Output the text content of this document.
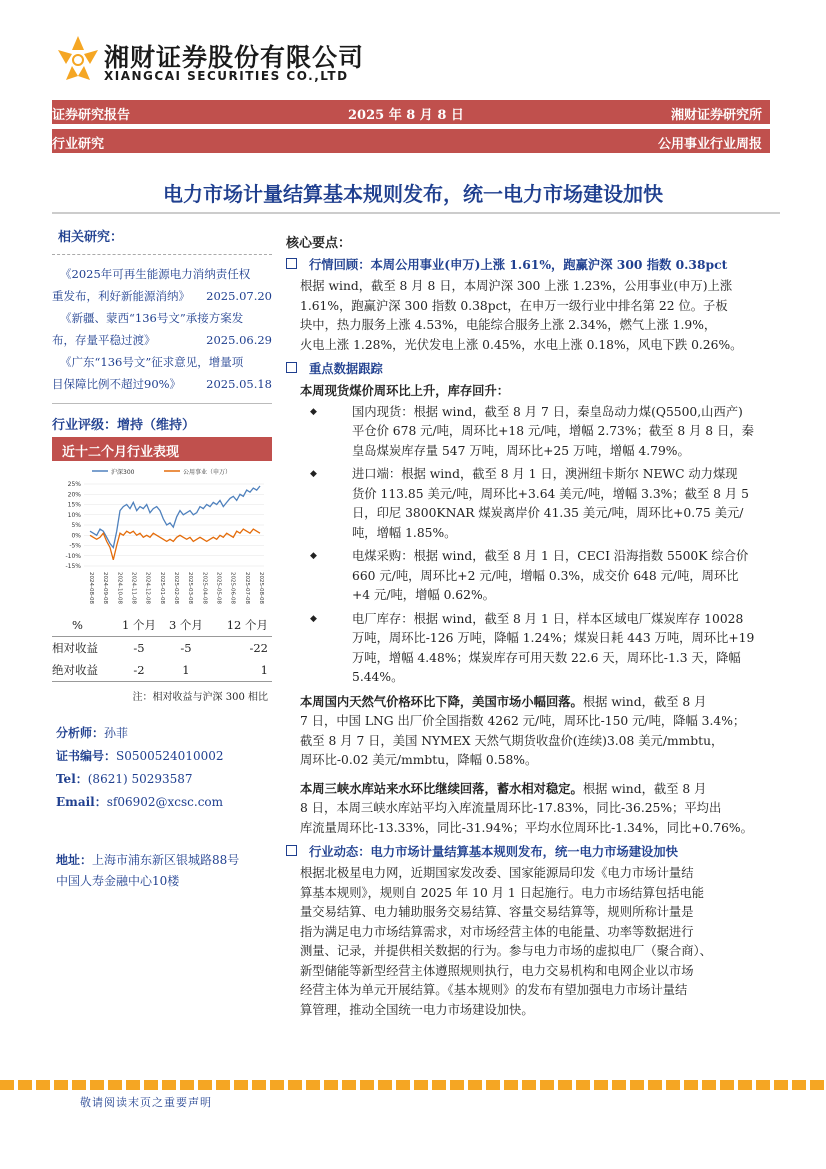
湘财证券股份有限公司
XIANGCAI SECURITIES CO.,LTD
证券研究报告	2025 年 8 月 8 日	湘财证券研究所
行业研究	公用事业行业周报
电力市场计量结算基本规则发布，统一电力市场建设加快
相关研究：
《2025年可再生能源电力消纳责任权
重发布，利好新能源消纳》 2025.07.20
《新疆、蒙西“136号文”承接方案发
布，存量平稳过渡》	2025.06.29
《广东“136号文”征求意见，增量项
目保障比例不超过90%》 2025.05.18
行业评级：增持（维持）
近十二个月行业表现
沪深300	公用事业（申万）
25%
20%
15%
10%
5%
0%
-5%
-10%
-15%
2024-08-08 2024-09-08 2024-10-08 2024-11-08 2024-12-08 2025-01-08 2025-02-08 2025-03-08 2025-04-08 2025-05-08 2025-06-08 2025-07-08 2025-08-08
%	1 个月	3 个月	12 个月
相对收益	-5	-5	-22
绝对收益	-2	1	1
注：相对收益与沪深 300 相比
分析师：孙菲
证书编号：S0500524010002
Tel：(8621) 50293587
Email：sf06902@xcsc.com
地址：上海市浦东新区银城路88号
中国人寿金融中心10楼
核心要点：
行情回顾：本周公用事业(申万)上涨 1.61%，跑赢沪深 300 指数 0.38pct
根据 wind，截至 8 月 8 日，本周沪深 300 上涨 1.23%，公用事业(申万)上涨
1.61%，跑赢沪深 300 指数 0.38pct，在申万一级行业中排名第 22 位。子板
块中，热力服务上涨 4.53%，电能综合服务上涨 2.34%，燃气上涨 1.9%，
火电上涨 1.28%，光伏发电上涨 0.45%，水电上涨 0.18%，风电下跌 0.26%。
重点数据跟踪
本周现货煤价周环比上升，库存回升：
◆	国内现货：根据 wind，截至 8 月 7 日，秦皇岛动力煤(Q5500,山西产)
平仓价 678 元/吨，周环比+18 元/吨，增幅 2.73%；截至 8 月 8 日，秦
皇岛煤炭库存量 547 万吨，周环比+25 万吨，增幅 4.79%。
◆	进口端：根据 wind，截至 8 月 1 日，澳洲纽卡斯尔 NEWC 动力煤现
货价 113.85 美元/吨，周环比+3.64 美元/吨，增幅 3.3%；截至 8 月 5
日，印尼 3800KNAR 煤炭离岸价 41.35 美元/吨，周环比+0.75 美元/
吨，增幅 1.85%。
◆	电煤采购：根据 wind，截至 8 月 1 日，CECI 沿海指数 5500K 综合价
660 元/吨，周环比+2 元/吨，增幅 0.3%，成交价 648 元/吨，周环比
+4 元/吨，增幅 0.62%。
◆	电厂库存：根据 wind，截至 8 月 1 日，样本区域电厂煤炭库存 10028
万吨，周环比-126 万吨，降幅 1.24%；煤炭日耗 443 万吨，周环比+19
万吨，增幅 4.48%；煤炭库存可用天数 22.6 天，周环比-1.3 天，降幅
5.44%。
本周国内天然气价格环比下降，美国市场小幅回落。根据 wind，截至 8 月
7 日，中国 LNG 出厂价全国指数 4262 元/吨，周环比-150 元/吨，降幅 3.4%；
截至 8 月 7 日，美国 NYMEX 天然气期货收盘价(连续)3.08 美元/mmbtu，
周环比-0.02 美元/mmbtu，降幅 0.58%。
本周三峡水库站来水环比继续回落，蓄水相对稳定。根据 wind，截至 8 月
8 日，本周三峡水库站平均入库流量周环比-17.83%，同比-36.25%；平均出
库流量周环比-13.33%，同比-31.94%；平均水位周环比-1.34%，同比+0.76%。
行业动态：电力市场计量结算基本规则发布，统一电力市场建设加快
根据北极星电力网，近期国家发改委、国家能源局印发《电力市场计量结
算基本规则》，规则自 2025 年 10 月 1 日起施行。电力市场结算包括电能
量交易结算、电力辅助服务交易结算、容量交易结算等，规则所称计量是
指为满足电力市场结算需求，对市场经营主体的电能量、功率等数据进行
测量、记录，并提供相关数据的行为。参与电力市场的虚拟电厂（聚合商）、
新型储能等新型经营主体遵照规则执行，电力交易机构和电网企业以市场
经营主体为单元开展结算。《基本规则》的发布有望加强电力市场计量结
算管理，推动全国统一电力市场建设加快。
敬请阅读末页之重要声明
